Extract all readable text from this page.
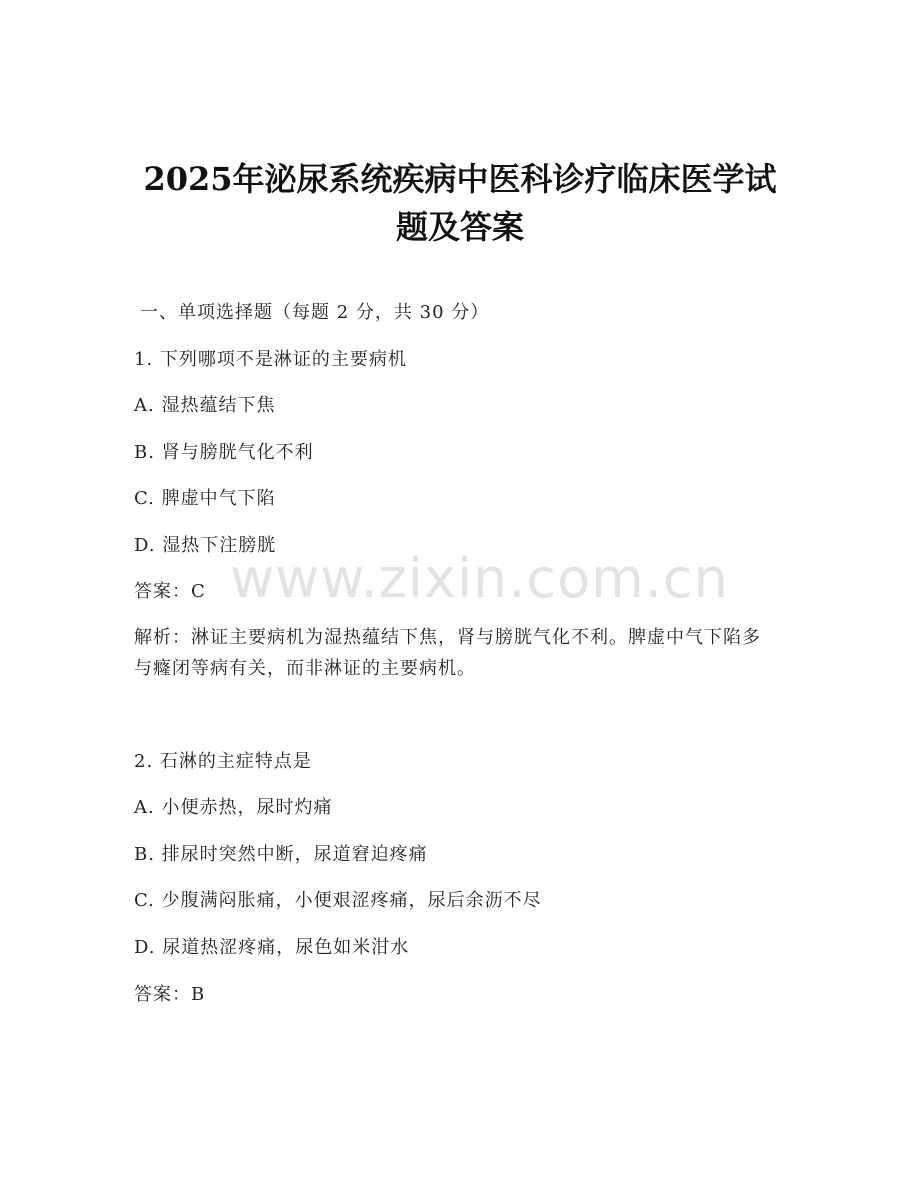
2025年泌尿系统疾病中医科诊疗临床医学试
题及答案
www.zixin.com.cn
一、单项选择题（每题 2 分，共 30 分）
1. 下列哪项不是淋证的主要病机
A. 湿热蕴结下焦
B. 肾与膀胱气化不利
C. 脾虚中气下陷
D. 湿热下注膀胱
答案：C
解析：淋证主要病机为湿热蕴结下焦，肾与膀胱气化不利。脾虚中气下陷多与癃闭等病有关，而非淋证的主要病机。
2. 石淋的主症特点是
A. 小便赤热，尿时灼痛
B. 排尿时突然中断，尿道窘迫疼痛
C. 少腹满闷胀痛，小便艰涩疼痛，尿后余沥不尽
D. 尿道热涩疼痛，尿色如米泔水
答案：B
